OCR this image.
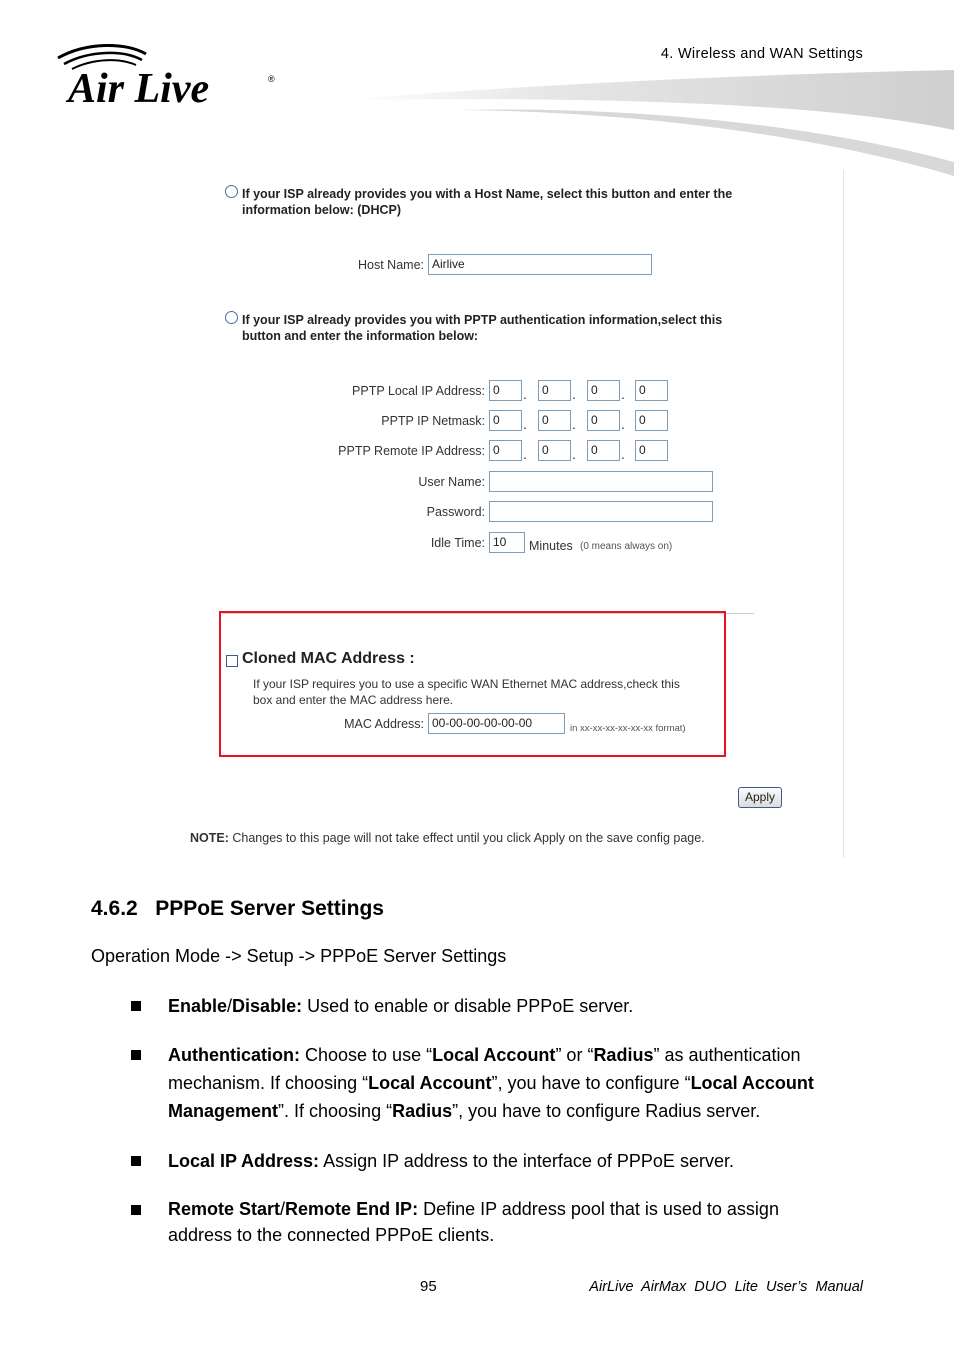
4. Wireless and WAN Settings
Air Live	®
If your ISP already provides you with a Host Name, select this button and enter the
information below: (DHCP)
Host Name: Airlive
If your ISP already provides you with PPTP authentication information,select this
button and enter the information below:
PPTP Local IP Address: 0	.	0	.	0	.	0
PPTP IP Netmask: 0	.	0	.	0	.	0
PPTP Remote IP Address: 0	.	0	.	0	.	0
User Name:
Password:
Idle Time: 10	Minutes (0 means always on)
Cloned MAC Address :
If your ISP requires you to use a specific WAN Ethernet MAC address,check this
box and enter the MAC address here.
MAC Address: 00-00-00-00-00-00	in xx-xx-xx-xx-xx-xx format)
Apply
NOTE: Changes to this page will not take effect until you click Apply on the save config page.
4.6.2   PPPoE Server Settings
Operation Mode -> Setup -> PPPoE Server Settings
Enable/Disable: Used to enable or disable PPPoE server.
Authentication: Choose to use “Local Account” or “Radius” as authentication
mechanism. If choosing “Local Account”, you have to configure “Local Account
Management”. If choosing “Radius”, you have to configure Radius server.
Local IP Address: Assign IP address to the interface of PPPoE server.
Remote Start/Remote End IP: Define IP address pool that is used to assign
address to the connected PPPoE clients.
95	AirLive  AirMax  DUO  Lite  User’s  Manual
